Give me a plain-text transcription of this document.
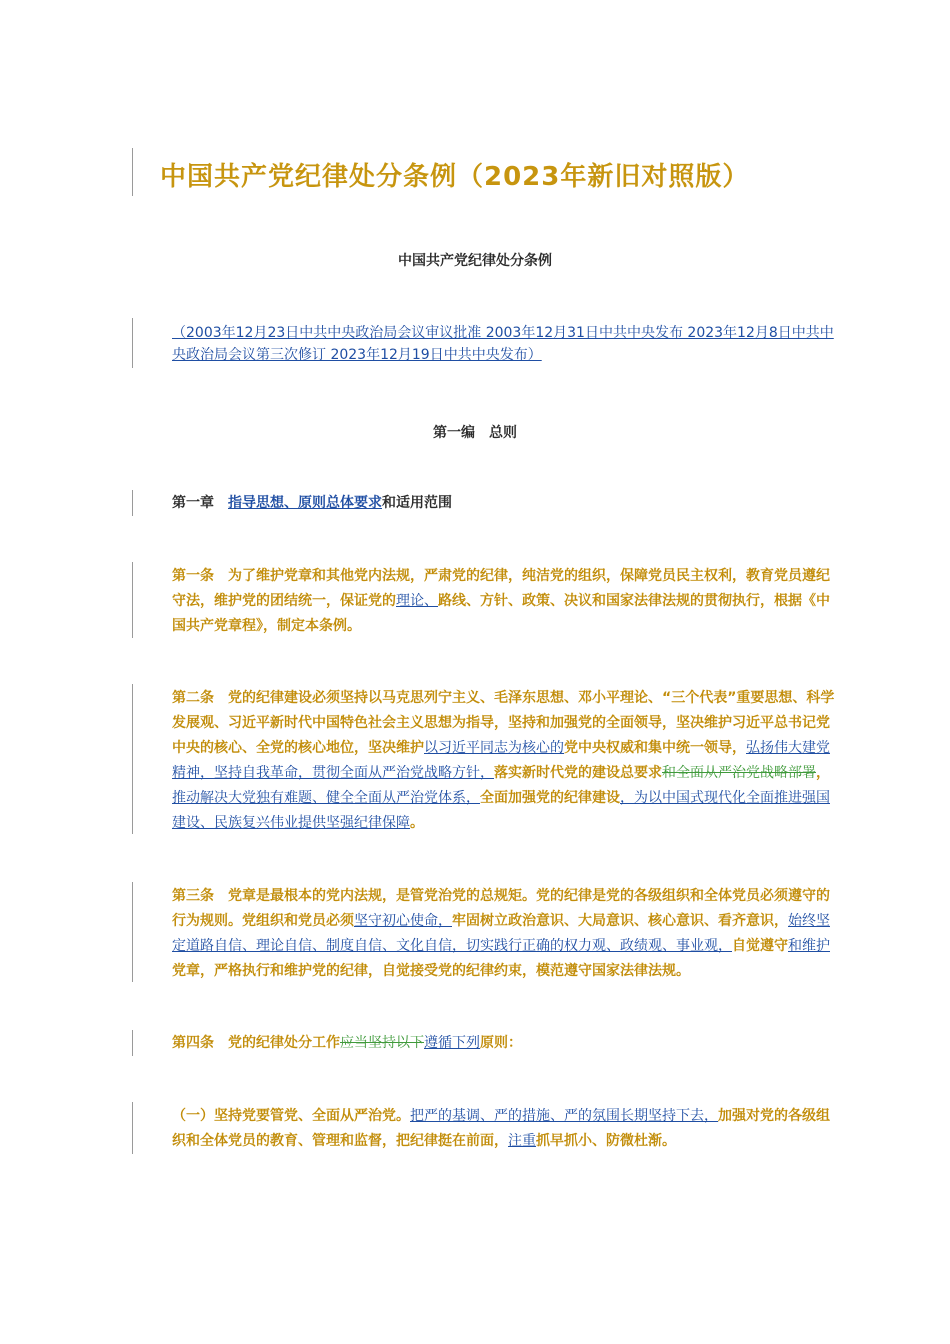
中国共产党纪律处分条例（2023年新旧对照版）
中国共产党纪律处分条例
（2003年12月23日中共中央政治局会议审议批准 2003年12月31日中共中央发布 2023年12月8日中共中央政治局会议第三次修订 2023年12月19日中共中央发布）
第一编　总则
第一章　指导思想、原则总体要求和适用范围
第一条　为了维护党章和其他党内法规，严肃党的纪律，纯洁党的组织，保障党员民主权利，教育党员遵纪守法，维护党的团结统一，保证党的理论、路线、方针、政策、决议和国家法律法规的贯彻执行，根据《中国共产党章程》，制定本条例。
第二条　党的纪律建设必须坚持以马克思列宁主义、毛泽东思想、邓小平理论、“三个代表”重要思想、科学发展观、习近平新时代中国特色社会主义思想为指导，坚持和加强党的全面领导，坚决维护习近平总书记党中央的核心、全党的核心地位，坚决维护以习近平同志为核心的党中央权威和集中统一领导，弘扬伟大建党精神，坚持自我革命，贯彻全面从严治党战略方针，落实新时代党的建设总要求和全面从严治党战略部署，推动解决大党独有难题、健全全面从严治党体系，全面加强党的纪律建设，为以中国式现代化全面推进强国建设、民族复兴伟业提供坚强纪律保障。
第三条　党章是最根本的党内法规，是管党治党的总规矩。党的纪律是党的各级组织和全体党员必须遵守的行为规则。党组织和党员必须坚守初心使命，牢固树立政治意识、大局意识、核心意识、看齐意识，始终坚定道路自信、理论自信、制度自信、文化自信，切实践行正确的权力观、政绩观、事业观，自觉遵守和维护党章，严格执行和维护党的纪律，自觉接受党的纪律约束，模范遵守国家法律法规。
第四条　党的纪律处分工作应当坚持以下遵循下列原则：
（一）坚持党要管党、全面从严治党。把严的基调、严的措施、严的氛围长期坚持下去，加强对党的各级组织和全体党员的教育、管理和监督，把纪律挺在前面，注重抓早抓小、防微杜渐。
